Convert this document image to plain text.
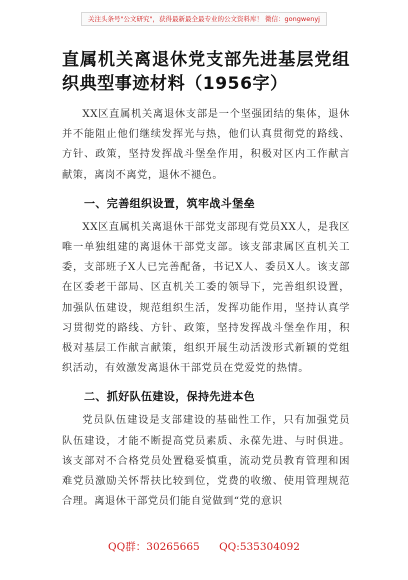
关注头条号"公文研究"，获得最新最全最专业的公文资料库！ 微信：gongwenyj
直属机关离退休党支部先进基层党组织典型事迹材料（1956字）

XX区直属机关离退休支部是一个坚强团结的集体，退休并不能阻止他们继续发挥光与热，他们认真贯彻党的路线、方针、政策，坚持发挥战斗堡垒作用，积极对区内工作献言献策，离岗不离党，退休不褪色。

一、完善组织设置，筑牢战斗堡垒

XX区直属机关离退休干部党支部现有党员XX人，是我区唯一单独组建的离退休干部党支部。该支部隶属区直机关工委，支部班子X人已完善配备，书记X人、委员X人。该支部在区委老干部局、区直机关工委的领导下，完善组织设置，加强队伍建设，规范组织生活，发挥功能作用，坚持认真学习贯彻党的路线、方针、政策，坚持发挥战斗堡垒作用，积极对基层工作献言献策，组织开展生动活泼形式新颖的党组织活动，有效激发离退休干部党员在党爱党的热情。

二、抓好队伍建设，保持先进本色

党员队伍建设是支部建设的基础性工作，只有加强党员队伍建设，才能不断提高党员素质、永葆先进、与时俱进。该支部对不合格党员处置稳妥慎重，流动党员教育管理和困难党员激励关怀帮扶比较到位，党费的收缴、使用管理规范合理。离退休干部党员们能自觉做到“党的意识

QQ群：30265665 QQ:535304092
